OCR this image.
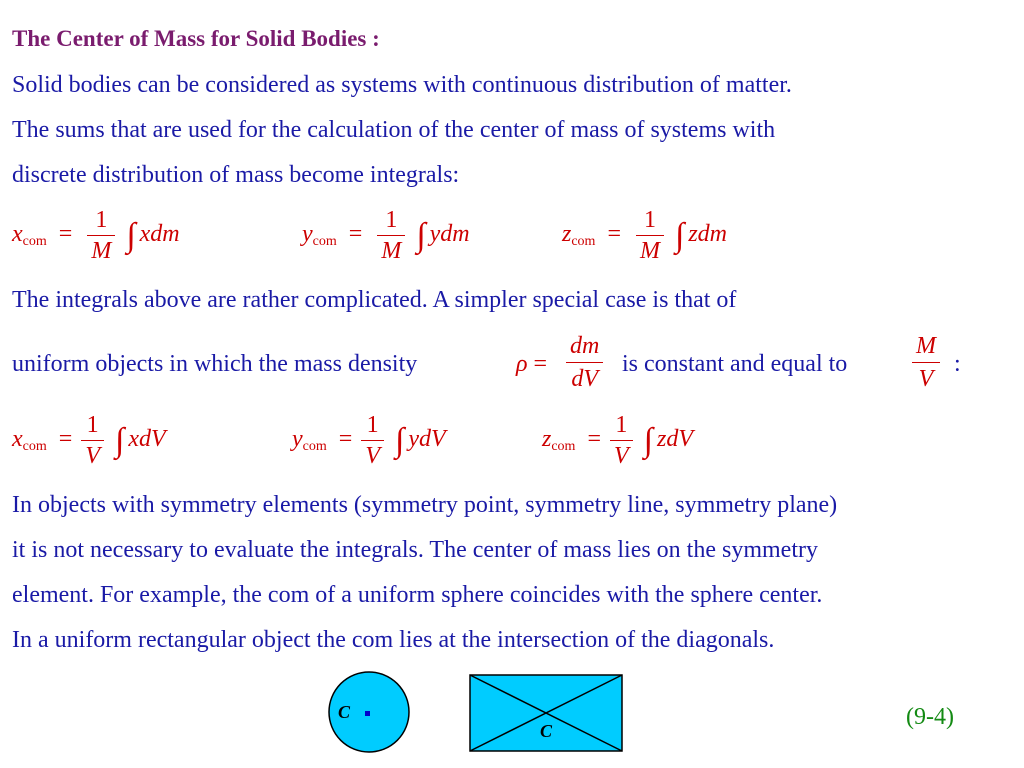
The Center of Mass for Solid Bodies :
Solid bodies can be considered as systems with continuous distribution of matter.
The sums that are used for the calculation of the center of mass of systems with
discrete distribution of mass become integrals:
$x_{com} = \frac{1}{M}$ ∫ xdm	$y_{com} = \frac{1}{M}$ ∫ ydm	$z_{com} = \frac{1}{M}$ ∫ zdm
The integrals above are rather complicated. A simpler special case is that of
uniform objects in which the mass density	$\rho = \frac{dm}{dV}$ is constant and equal to	$\frac{M}{V}$ :
$x_{com} = \frac{1}{V}$ ∫ xdV	$y_{com} = \frac{1}{V}$ ∫ ydV	$z_{com} = \frac{1}{V}$ ∫ zdV
In objects with symmetry elements (symmetry point, symmetry line, symmetry plane)
it is not necessary to evaluate the integrals. The center of mass lies on the symmetry
element. For example, the com of a uniform sphere coincides with the sphere center.
In a uniform rectangular object the com lies at the intersection of the diagonals.
C
C
(9-4)
